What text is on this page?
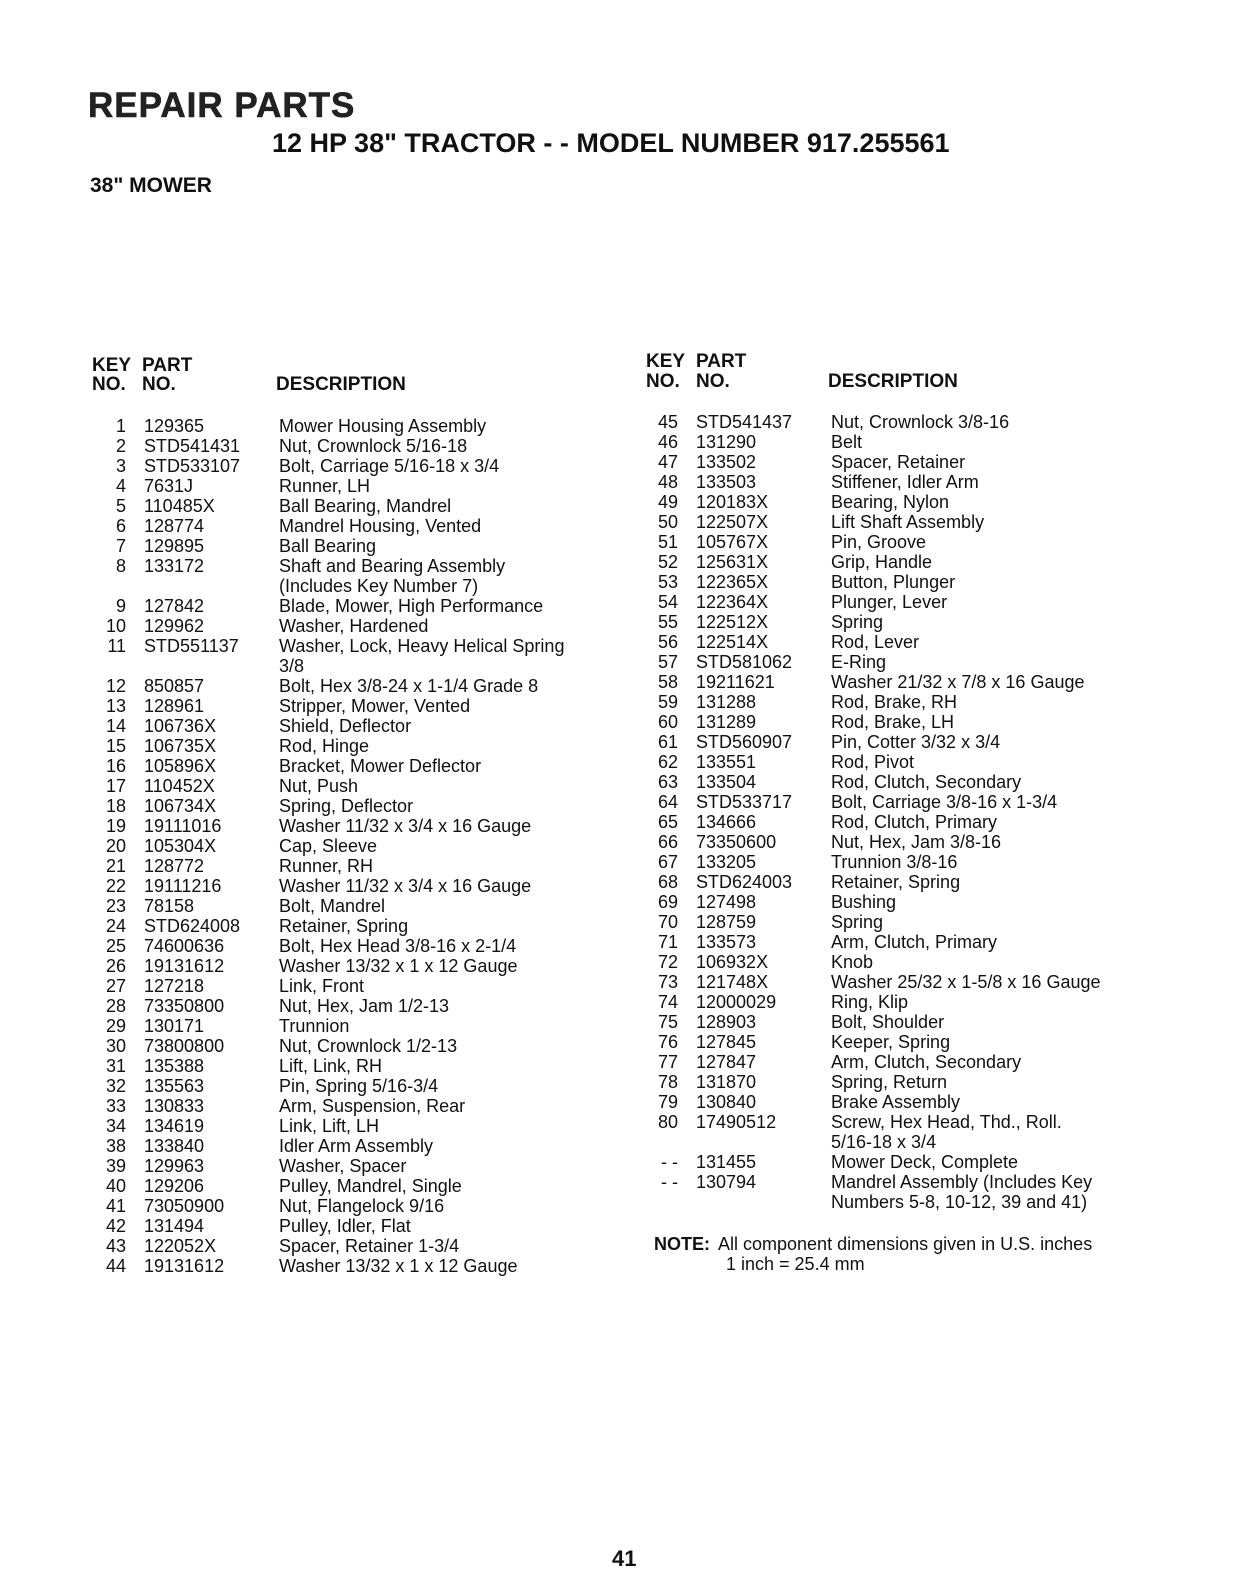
REPAIR PARTS
12 HP 38" TRACTOR - - MODEL NUMBER 917.255561
38" MOWER
KEY PART
NO. NO.	DESCRIPTION
KEY PART
NO. NO.	DESCRIPTION
1 129365	Mower Housing Assembly
2 STD541431 Nut, Crownlock 5/16-18
3 STD533107 Bolt, Carriage 5/16-18 x 3/4
4 7631J	Runner, LH
5 110485X	Ball Bearing, Mandrel
6 128774	Mandrel Housing, Vented
7 129895	Ball Bearing
8 133172	Shaft and Bearing Assembly
(Includes Key Number 7)
9 127842	Blade, Mower, High Performance
10 129962	Washer, Hardened
11 STD551137 Washer, Lock, Heavy Helical Spring
3/8
12 850857	Bolt, Hex 3/8-24 x 1-1/4 Grade 8
13 128961	Stripper, Mower, Vented
14 106736X	Shield, Deflector
15 106735X	Rod, Hinge
16 105896X	Bracket, Mower Deflector
17 110452X	Nut, Push
18 106734X	Spring, Deflector
19 19111016	Washer 11/32 x 3/4 x 16 Gauge
20 105304X	Cap, Sleeve
21 128772	Runner, RH
22 19111216	Washer 11/32 x 3/4 x 16 Gauge
23 78158	Bolt, Mandrel
24 STD624008 Retainer, Spring
25 74600636	Bolt, Hex Head 3/8-16 x 2-1/4
26 19131612	Washer 13/32 x 1 x 12 Gauge
27 127218	Link, Front
28 73350800	Nut, Hex, Jam 1/2-13
29 130171	Trunnion
30 73800800	Nut, Crownlock 1/2-13
31 135388	Lift, Link, RH
32 135563	Pin, Spring 5/16-3/4
33 130833	Arm, Suspension, Rear
34 134619	Link, Lift, LH
38 133840	Idler Arm Assembly
39 129963	Washer, Spacer
40 129206	Pulley, Mandrel, Single
41 73050900	Nut, Flangelock 9/16
42 131494	Pulley, Idler, Flat
43 122052X	Spacer, Retainer 1-3/4
44 19131612	Washer 13/32 x 1 x 12 Gauge
45 STD541437 Nut, Crownlock 3/8-16
46 131290	Belt
47 133502	Spacer, Retainer
48 133503	Stiffener, Idler Arm
49 120183X	Bearing, Nylon
50 122507X	Lift Shaft Assembly
51 105767X	Pin, Groove
52 125631X	Grip, Handle
53 122365X	Button, Plunger
54 122364X	Plunger, Lever
55 122512X	Spring
56 122514X	Rod, Lever
57 STD581062 E-Ring
58 19211621	Washer 21/32 x 7/8 x 16 Gauge
59 131288	Rod, Brake, RH
60 131289	Rod, Brake, LH
61 STD560907 Pin, Cotter 3/32 x 3/4
62 133551	Rod, Pivot
63 133504	Rod, Clutch, Secondary
64 STD533717 Bolt, Carriage 3/8-16 x 1-3/4
65 134666	Rod, Clutch, Primary
66 73350600	Nut, Hex, Jam 3/8-16
67 133205	Trunnion 3/8-16
68 STD624003 Retainer, Spring
69 127498	Bushing
70 128759	Spring
71 133573	Arm, Clutch, Primary
72 106932X	Knob
73 121748X	Washer 25/32 x 1-5/8 x 16 Gauge
74 12000029	Ring, Klip
75 128903	Bolt, Shoulder
76 127845	Keeper, Spring
77 127847	Arm, Clutch, Secondary
78 131870	Spring, Return
79 130840	Brake Assembly
80 17490512	Screw, Hex Head, Thd., Roll.
5/16-18 x 3/4
- - 131455	Mower Deck, Complete
- - 130794	Mandrel Assembly (Includes Key
Numbers 5-8, 10-12, 39 and 41)
NOTE: All component dimensions given in U.S. inches
1 inch = 25.4 mm
41
